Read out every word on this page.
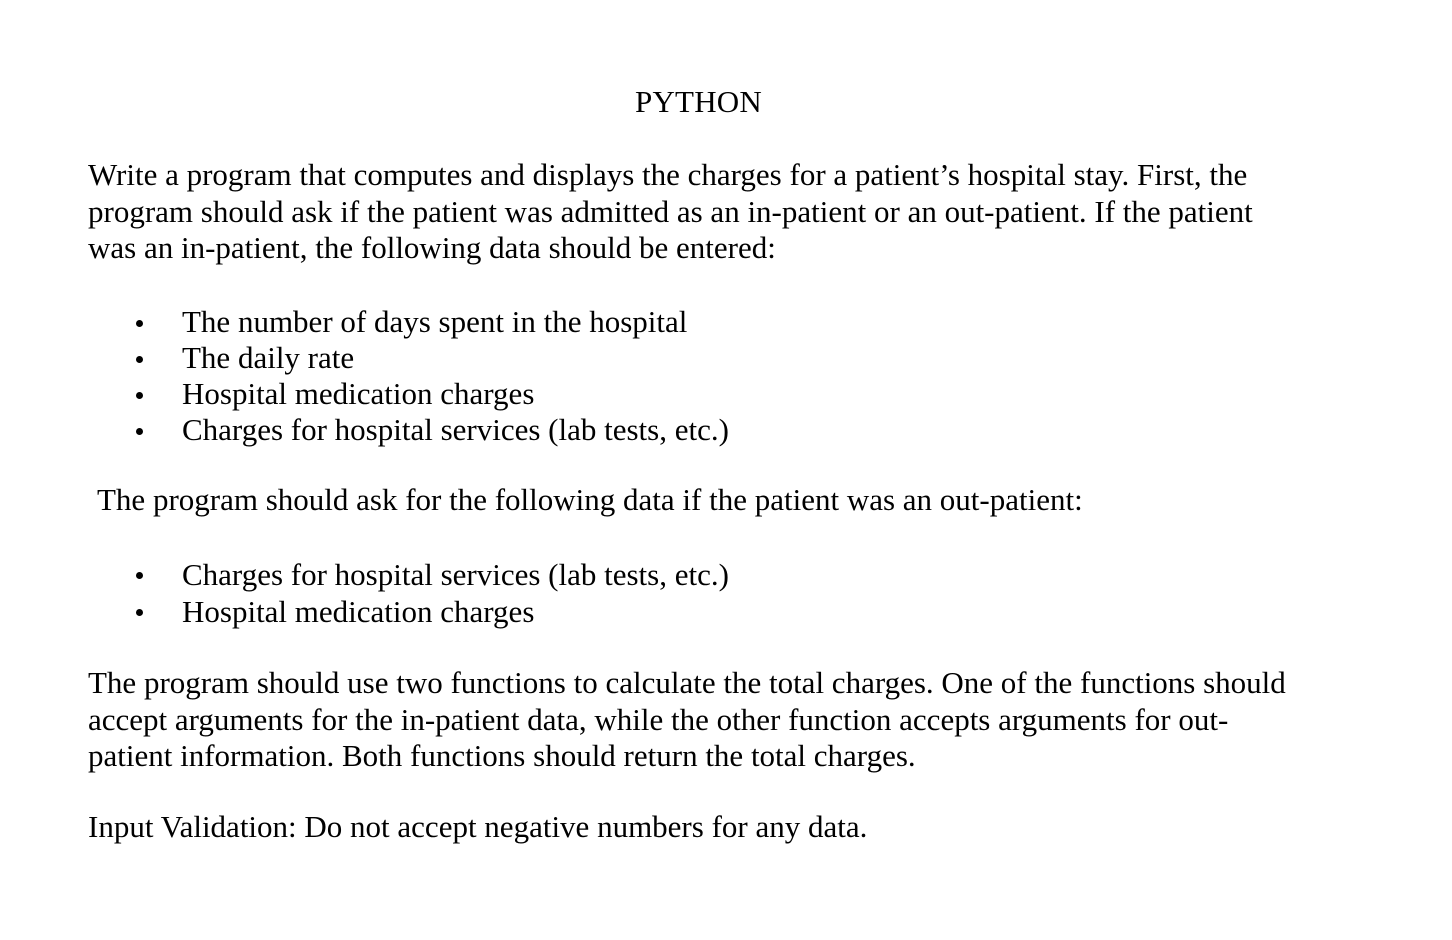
PYTHON

Write a program that computes and displays the charges for a patient’s hospital stay. First, the
program should ask if the patient was admitted as an in-patient or an out-patient. If the patient
was an in-patient, the following data should be entered:

The number of days spent in the hospital
The daily rate
Hospital medication charges
Charges for hospital services (lab tests, etc.)

The program should ask for the following data if the patient was an out-patient:

Charges for hospital services (lab tests, etc.)
Hospital medication charges

The program should use two functions to calculate the total charges. One of the functions should
accept arguments for the in-patient data, while the other function accepts arguments for out-
patient information. Both functions should return the total charges.

Input Validation: Do not accept negative numbers for any data.
